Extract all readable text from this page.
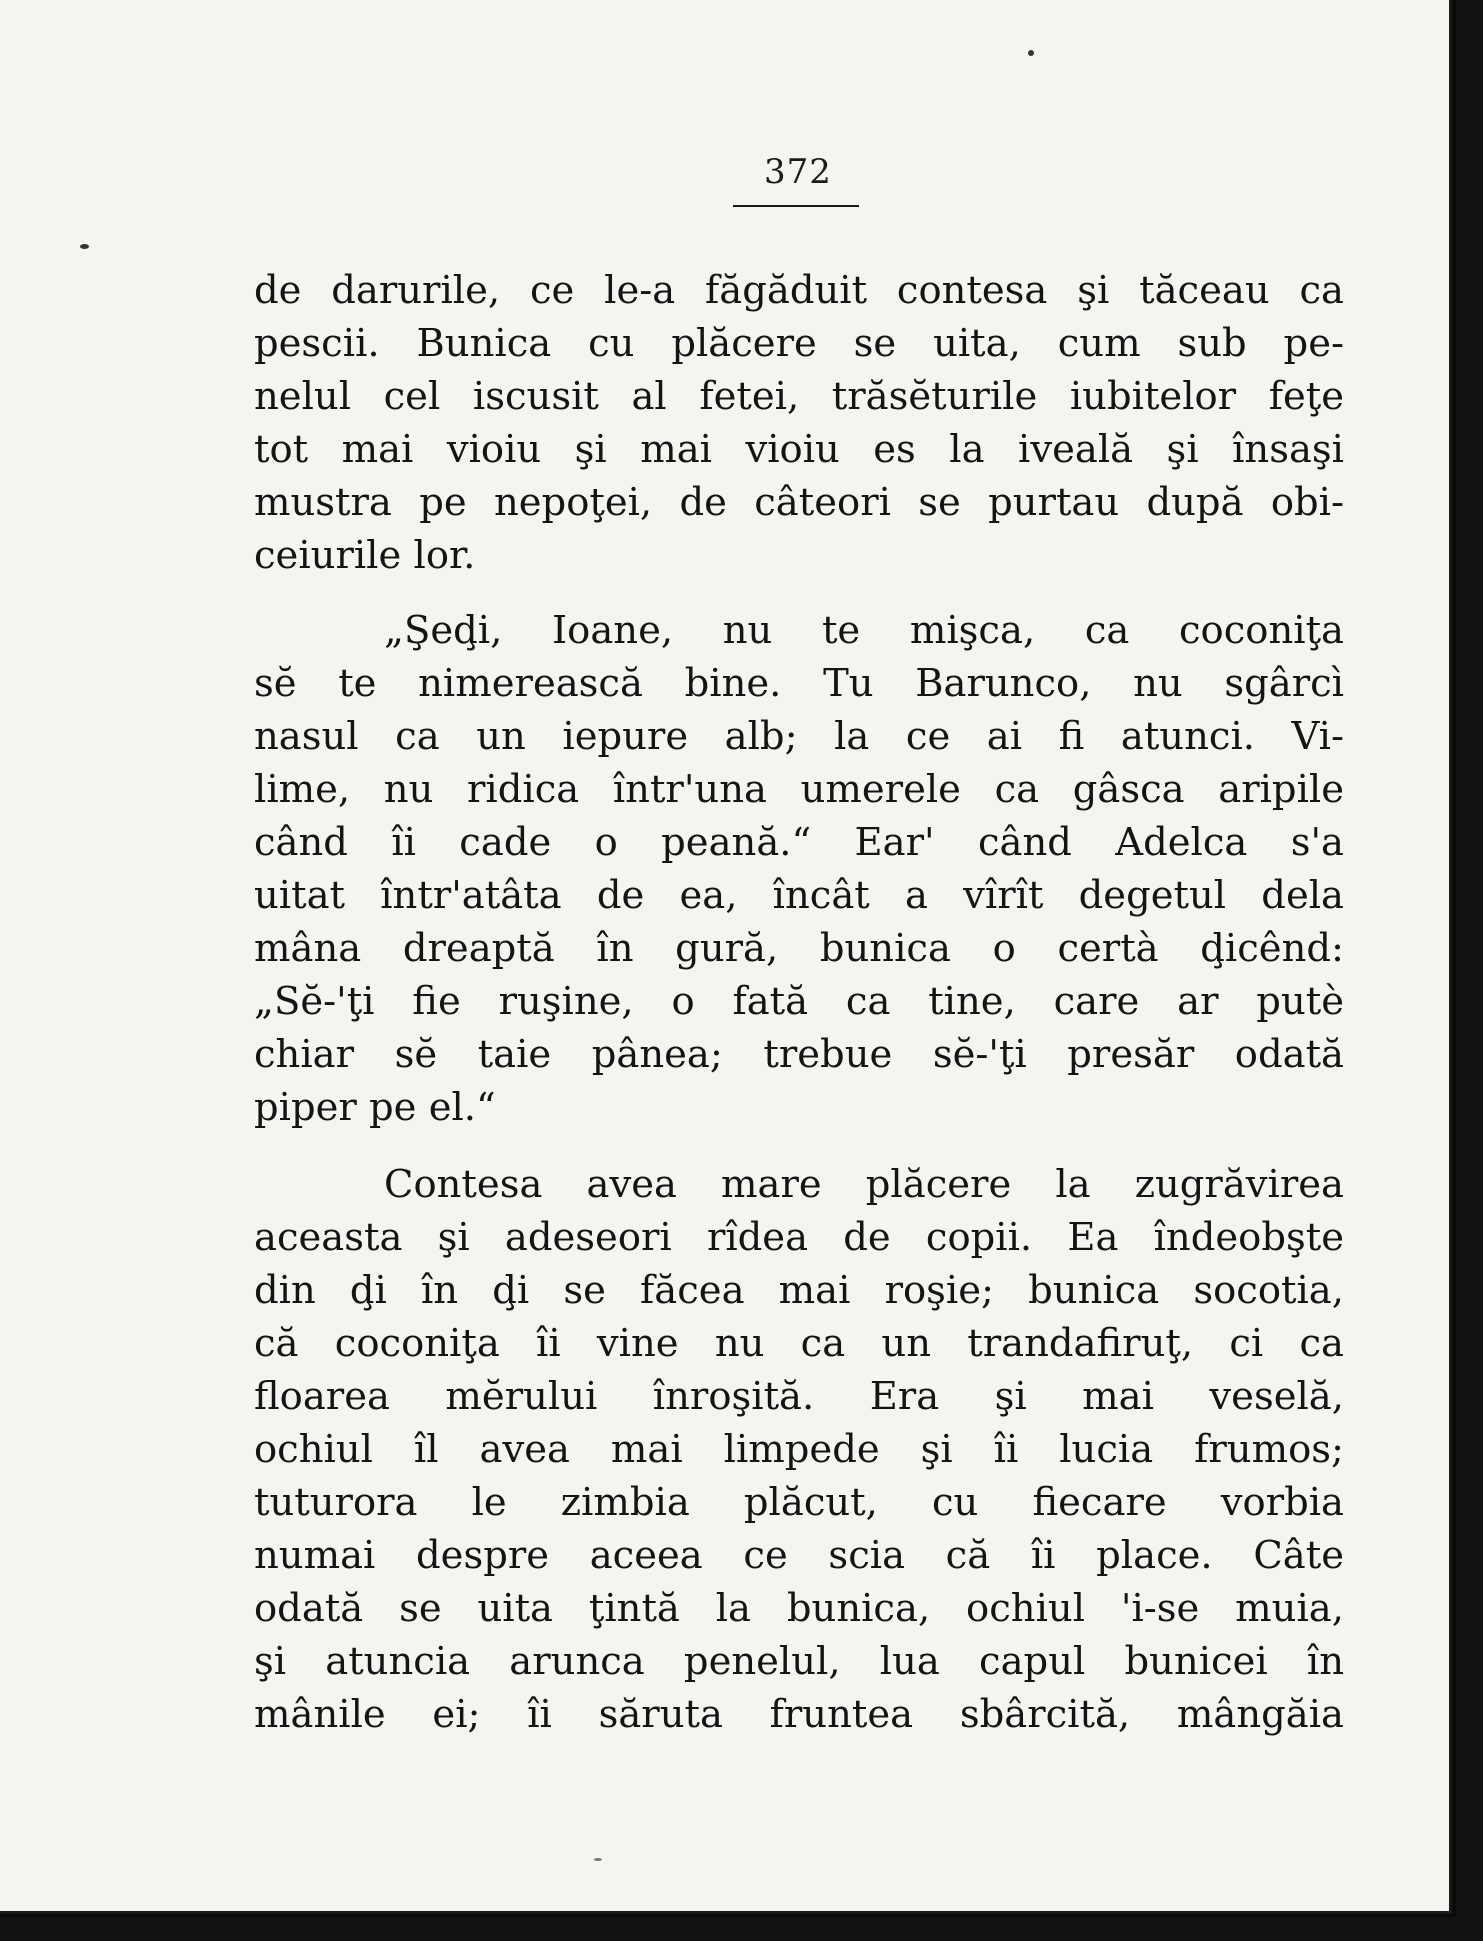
372
de darurile, ce le-a făgăduit contesa şi tăceau ca
pescii. Bunica cu plăcere se uita, cum sub pe-
nelul cel iscusit al fetei, trăsĕturile iubitelor feţe
tot mai vioiu şi mai vioiu es la iveală şi însaşi
mustra pe nepoţei, de câteori se purtau după obi-
ceiurile lor.
„Şeḑi, Ioane, nu te mişca, ca coconiţa
sĕ te nimerească bine. Tu Barunco, nu sgârcì
nasul ca un iepure alb; la ce ai fi atunci. Vi-
lime, nu ridica într'una umerele ca gâsca aripile
când îi cade o peană.“ Ear' când Adelca s'a
uitat într'atâta de ea, încât a vîrît degetul dela
mâna dreaptă în gură, bunica o certà ḑicênd:
„Sĕ-'ţi fie ruşine, o fată ca tine, care ar putè
chiar sĕ taie pânea; trebue sĕ-'ţi presăr odată
piper pe el.“
Contesa avea mare plăcere la zugrăvirea
aceasta şi adeseori rîdea de copii. Ea îndeobşte
din ḑi în ḑi se făcea mai roşie; bunica socotia,
că coconiţa îi vine nu ca un trandafiruţ, ci ca
floarea mĕrului înroşită. Era şi mai veselă,
ochiul îl avea mai limpede şi îi lucia frumos;
tuturora le zimbia plăcut, cu fiecare vorbia
numai despre aceea ce scia că îi place. Câte
odată se uita ţintă la bunica, ochiul 'i-se muia,
şi atuncia arunca penelul, lua capul bunicei în
mânile ei; îi săruta fruntea sbârcită, mângăia
